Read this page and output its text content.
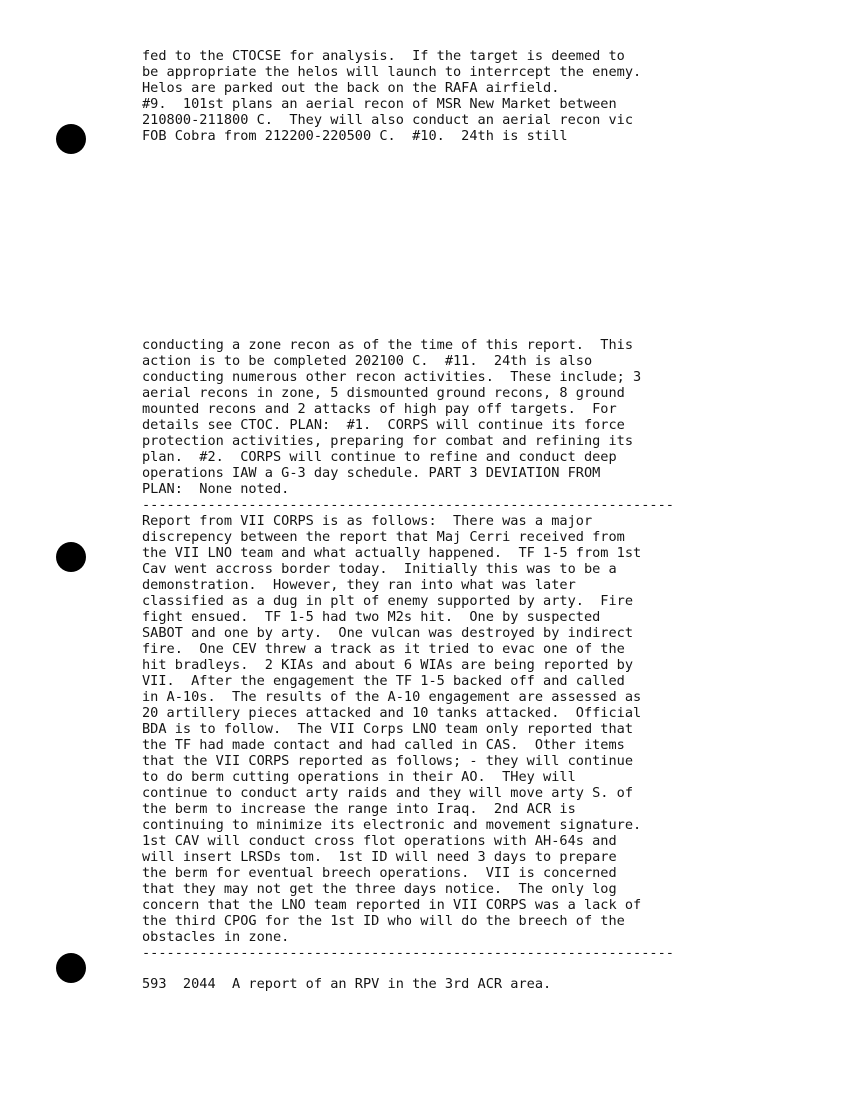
fed to the CTOCSE for analysis.  If the target is deemed to
be appropriate the helos will launch to interrcept the enemy.
Helos are parked out the back on the RAFA airfield.
#9.  101st plans an aerial recon of MSR New Market between
210800-211800 C.  They will also conduct an aerial recon vic
FOB Cobra from 212200-220500 C.  #10.  24th is still
conducting a zone recon as of the time of this report.  This
action is to be completed 202100 C.  #11.  24th is also
conducting numerous other recon activities.  These include; 3
aerial recons in zone, 5 dismounted ground recons, 8 ground
mounted recons and 2 attacks of high pay off targets.  For
details see CTOC. PLAN:  #1.  CORPS will continue its force
protection activities, preparing for combat and refining its
plan.  #2.  CORPS will continue to refine and conduct deep
operations IAW a G-3 day schedule. PART 3 DEVIATION FROM
PLAN:  None noted.
-----------------------------------------------------------------
Report from VII CORPS is as follows:  There was a major
discrepency between the report that Maj Cerri received from
the VII LNO team and what actually happened.  TF 1-5 from 1st
Cav went accross border today.  Initially this was to be a
demonstration.  However, they ran into what was later
classified as a dug in plt of enemy supported by arty.  Fire
fight ensued.  TF 1-5 had two M2s hit.  One by suspected
SABOT and one by arty.  One vulcan was destroyed by indirect
fire.  One CEV threw a track as it tried to evac one of the
hit bradleys.  2 KIAs and about 6 WIAs are being reported by
VII.  After the engagement the TF 1-5 backed off and called
in A-10s.  The results of the A-10 engagement are assessed as
20 artillery pieces attacked and 10 tanks attacked.  Official
BDA is to follow.  The VII Corps LNO team only reported that
the TF had made contact and had called in CAS.  Other items
that the VII CORPS reported as follows; - they will continue
to do berm cutting operations in their AO.  THey will
continue to conduct arty raids and they will move arty S. of
the berm to increase the range into Iraq.  2nd ACR is
continuing to minimize its electronic and movement signature.
1st CAV will conduct cross flot operations with AH-64s and
will insert LRSDs tom.  1st ID will need 3 days to prepare
the berm for eventual breech operations.  VII is concerned
that they may not get the three days notice.  The only log
concern that the LNO team reported in VII CORPS was a lack of
the third CPOG for the 1st ID who will do the breech of the
obstacles in zone.
-----------------------------------------------------------------
593  2044  A report of an RPV in the 3rd ACR area.
